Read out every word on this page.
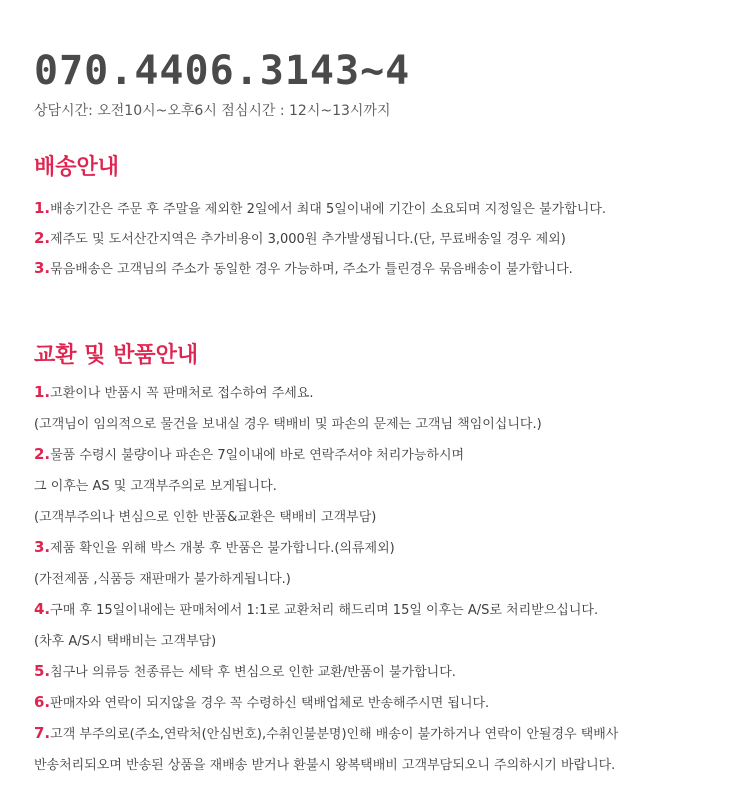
070.4406.3143~4
상담시간: 오전10시~오후6시 점심시간 : 12시~13시까지
배송안내
1.배송기간은 주문 후 주말을 제외한 2일에서 최대 5일이내에 기간이 소요되며 지정일은 불가합니다.
2.제주도 및 도서산간지역은 추가비용이 3,000원 추가발생됩니다.(단, 무료배송일 경우 제외)
3.묶음배송은 고객님의 주소가 동일한 경우 가능하며, 주소가 틀린경우 묶음배송이 불가합니다.
교환 및 반품안내
1.고환이나 반품시 꼭 판매처로 접수하여 주세요.
(고객님이 임의적으로 물건을 보내실 경우 택배비 및 파손의 문제는 고객님 책임이십니다.)
2.물품 수령시 불량이나 파손은 7일이내에 바로 연락주셔야 처리가능하시며
그 이후는 AS 및 고객부주의로 보게됩니다.
(고객부주의나 변심으로 인한 반품&교환은 택배비 고객부담)
3.제품 확인을 위해 박스 개봉 후 반품은 불가합니다.(의류제외)
(가전제품 ,식품등 재판매가 불가하게됩니다.)
4.구매 후 15일이내에는 판매처에서 1:1로 교환처리 해드리며 15일 이후는 A/S로 처리받으십니다.
(차후 A/S시 택배비는 고객부담)
5.침구나 의류등 천종류는 세탁 후 변심으로 인한 교환/반품이 불가합니다.
6.판매자와 연락이 되지않을 경우 꼭 수령하신 택배업체로 반송해주시면 됩니다.
7.고객 부주의로(주소,연락처(안심번호),수취인불분명)인해 배송이 불가하거나 연락이 안될경우 택배사
반송처리되오며 반송된 상품을 재배송 받거나 환불시 왕복택배비 고객부담되오니 주의하시기 바랍니다.
